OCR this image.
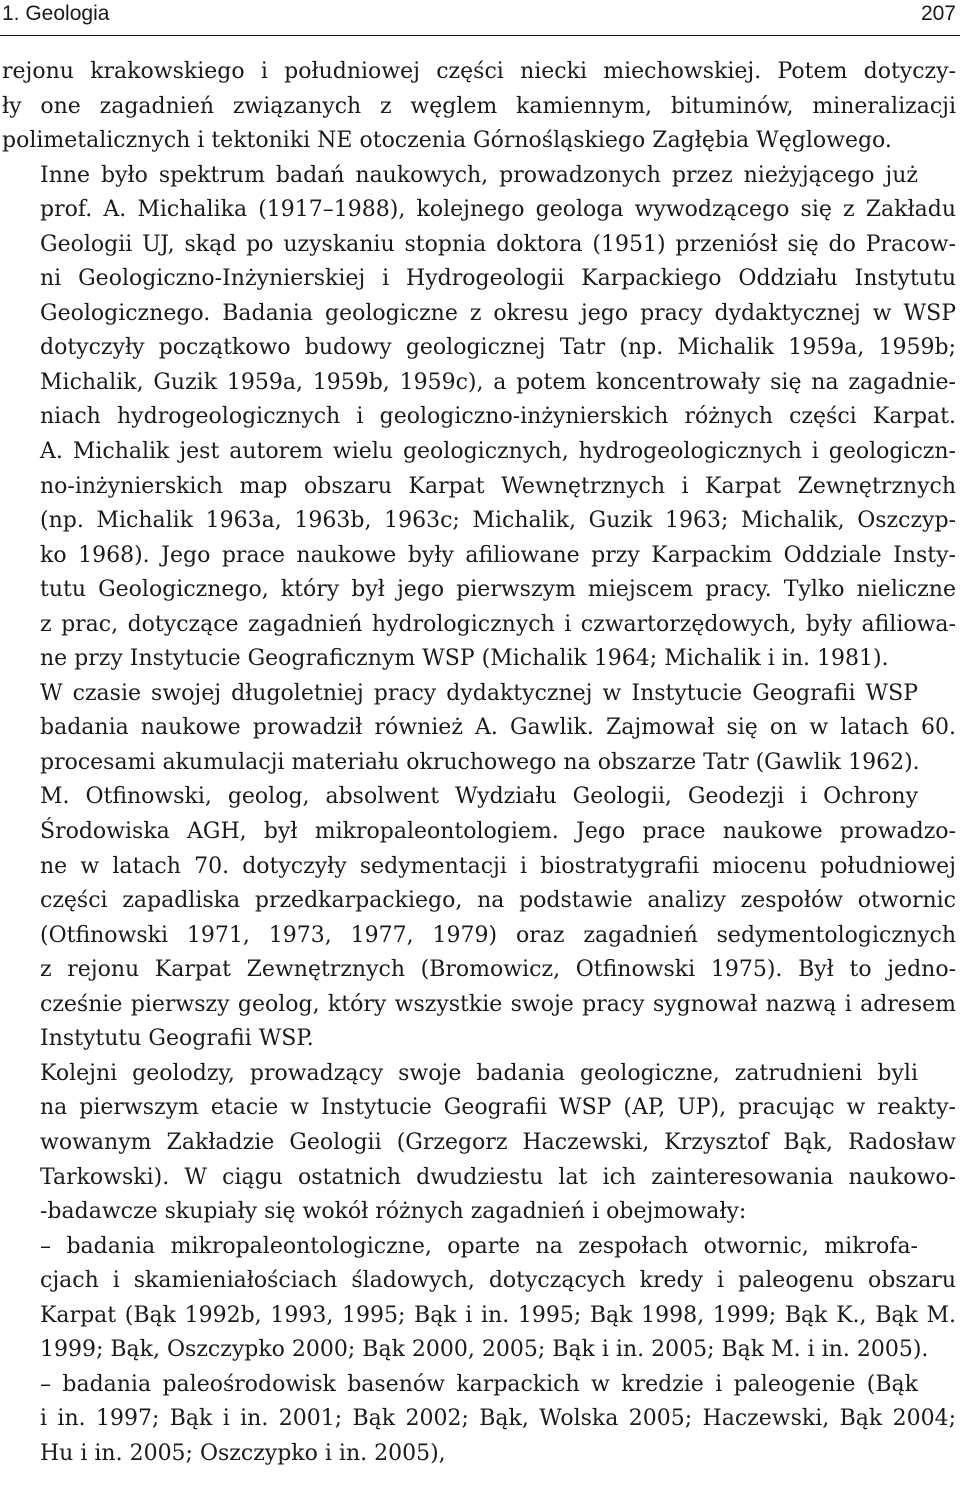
1. Geologia	207

rejonu krakowskiego i południowej części niecki miechowskiej. Potem dotyczy-
ły one zagadnień związanych z węglem kamiennym, bituminów, mineralizacji
polimetalicznych i tektoniki NE otoczenia Górnośląskiego Zagłębia Węglowego.

Inne było spektrum badań naukowych, prowadzonych przez nieżyjącego już
prof. A. Michalika (1917–1988), kolejnego geologa wywodzącego się z Zakładu
Geologii UJ, skąd po uzyskaniu stopnia doktora (1951) przeniósł się do Pracow-
ni Geologiczno-Inżynierskiej i Hydrogeologii Karpackiego Oddziału Instytutu
Geologicznego. Badania geologiczne z okresu jego pracy dydaktycznej w WSP
dotyczyły początkowo budowy geologicznej Tatr (np. Michalik 1959a, 1959b;
Michalik, Guzik 1959a, 1959b, 1959c), a potem koncentrowały się na zagadnie-
niach hydrogeologicznych i geologiczno-inżynierskich różnych części Karpat.
A. Michalik jest autorem wielu geologicznych, hydrogeologicznych i geologiczn-
no-inżynierskich map obszaru Karpat Wewnętrznych i Karpat Zewnętrznych
(np. Michalik 1963a, 1963b, 1963c; Michalik, Guzik 1963; Michalik, Oszczyp-
ko 1968). Jego prace naukowe były afiliowane przy Karpackim Oddziale Insty-
tutu Geologicznego, który był jego pierwszym miejscem pracy. Tylko nieliczne
z prac, dotyczące zagadnień hydrologicznych i czwartorzędowych, były afiliowa-
ne przy Instytucie Geograficznym WSP (Michalik 1964; Michalik i in. 1981).

W czasie swojej długoletniej pracy dydaktycznej w Instytucie Geografii WSP
badania naukowe prowadził również A. Gawlik. Zajmował się on w latach 60.
procesami akumulacji materiału okruchowego na obszarze Tatr (Gawlik 1962).

M. Otfinowski, geolog, absolwent Wydziału Geologii, Geodezji i Ochrony
Środowiska AGH, był mikropaleontologiem. Jego prace naukowe prowadzo-
ne w latach 70. dotyczyły sedymentacji i biostratygrafii miocenu południowej
części zapadliska przedkarpackiego, na podstawie analizy zespołów otwornic
(Otfinowski 1971, 1973, 1977, 1979) oraz zagadnień sedymentologicznych
z rejonu Karpat Zewnętrznych (Bromowicz, Otfinowski 1975). Był to jedno-
cześnie pierwszy geolog, który wszystkie swoje pracy sygnował nazwą i adresem
Instytutu Geografii WSP.

Kolejni geolodzy, prowadzący swoje badania geologiczne, zatrudnieni byli
na pierwszym etacie w Instytucie Geografii WSP (AP, UP), pracując w reakty-
wowanym Zakładzie Geologii (Grzegorz Haczewski, Krzysztof Bąk, Radosław
Tarkowski). W ciągu ostatnich dwudziestu lat ich zainteresowania naukowo-
-badawcze skupiały się wokół różnych zagadnień i obejmowały:

– badania mikropaleontologiczne, oparte na zespołach otwornic, mikrofa-
cjach i skamieniałościach śladowych, dotyczących kredy i paleogenu obszaru
Karpat (Bąk 1992b, 1993, 1995; Bąk i in. 1995; Bąk 1998, 1999; Bąk K., Bąk M.
1999; Bąk, Oszczypko 2000; Bąk 2000, 2005; Bąk i in. 2005; Bąk M. i in. 2005).

– badania paleośrodowisk basenów karpackich w kredzie i paleogenie (Bąk
i in. 1997; Bąk i in. 2001; Bąk 2002; Bąk, Wolska 2005; Haczewski, Bąk 2004;
Hu i in. 2005; Oszczypko i in. 2005),
